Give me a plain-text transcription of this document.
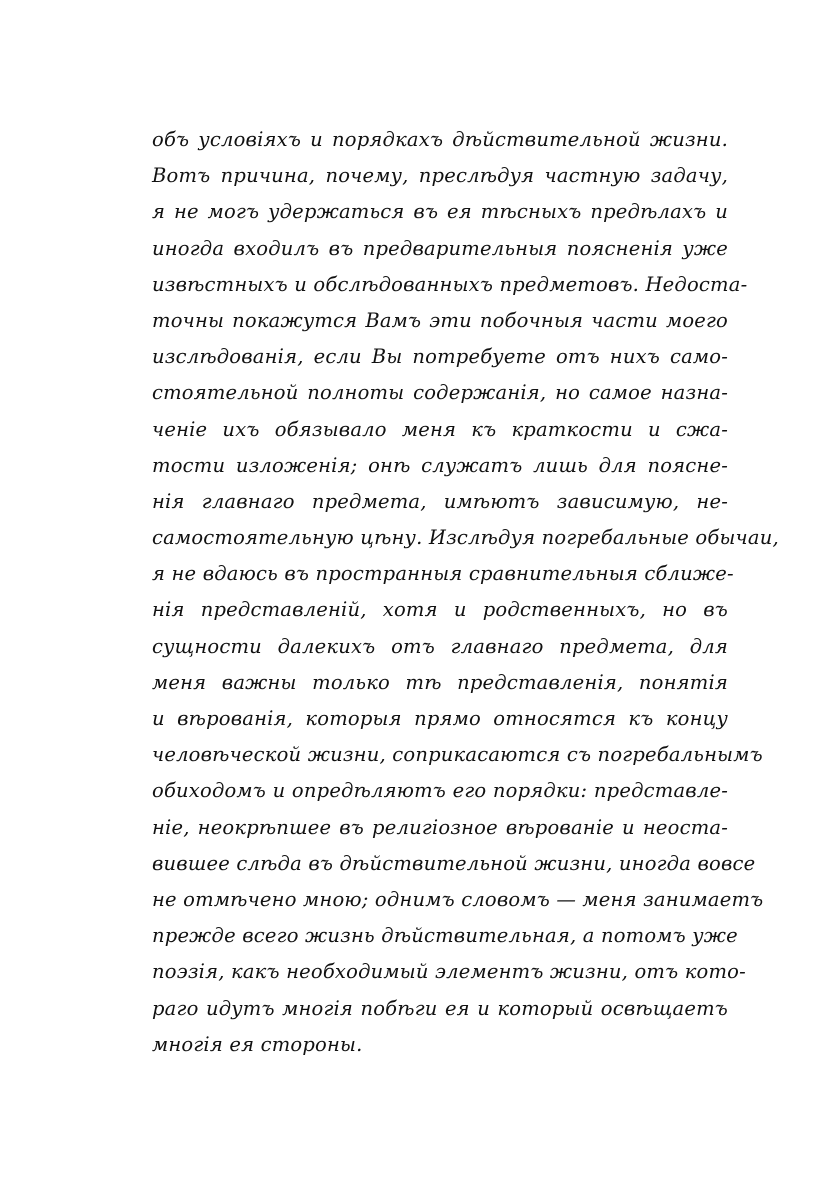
объ условіяхъ и порядкахъ дѣйствительной жизни.
Вотъ причина, почему, преслѣдуя частную задачу,
я не могъ удержаться въ ея тѣсныхъ предѣлахъ и
иногда входилъ въ предварительныя поясненія уже
извѣстныхъ и обслѣдованныхъ предметовъ. Недоста-
точны покажутся Вамъ эти побочныя части моего
изслѣдованія, если Вы потребуете отъ нихъ само-
стоятельной полноты содержанія, но самое назна-
ченіе ихъ обязывало меня къ краткости и сжа-
тости изложенія; онѣ служатъ лишь для поясне-
нія главнаго предмета, имѣютъ зависимую, не-
самостоятельную цѣну. Изслѣдуя погребальные обычаи,
я не вдаюсь въ пространныя сравнительныя сближе-
нія представленій, хотя и родственныхъ, но въ
сущности далекихъ отъ главнаго предмета, для
меня важны только тѣ представленія, понятія
и вѣрованія, которыя прямо относятся къ концу
человѣческой жизни, соприкасаются съ погребальнымъ
обиходомъ и опредѣляютъ его порядки: представле-
ніе, неокрѣпшее въ религіозное вѣрованіе и неоста-
вившее слѣда въ дѣйствительной жизни, иногда вовсе
не отмѣчено мною; однимъ словомъ — меня занимаетъ
прежде всего жизнь дѣйствительная, а потомъ уже
поэзія, какъ необходимый элементъ жизни, отъ кото-
раго идутъ многія побѣги ея и который освѣщаетъ
многія ея стороны.
